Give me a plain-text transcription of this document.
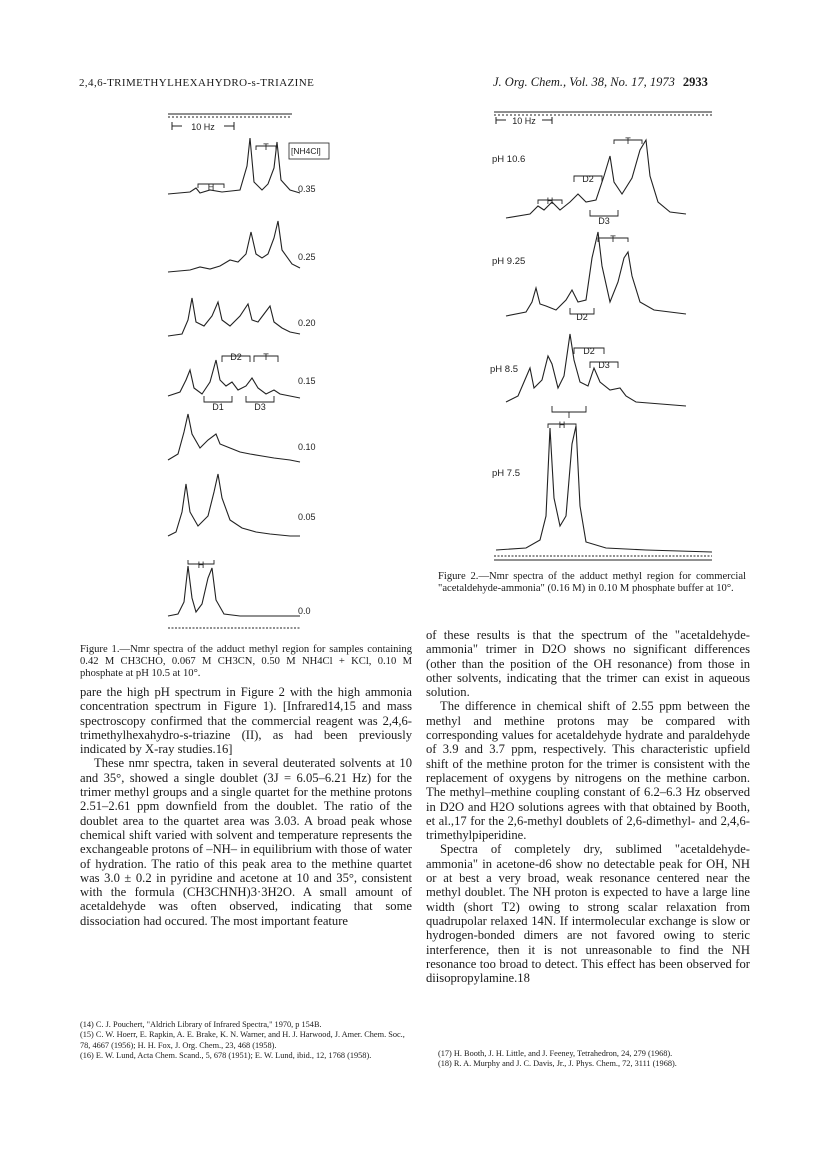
2,4,6-TRIMETHYLHEXAHYDRO-s-TRIAZINE	J. Org. Chem., Vol. 38, No. 17, 1973 2933
10 Hz
[NH4Cl]
H
T
D2 T
D1	D3
H
0.35
0.25
0.20
0.15
0.10
0.05
0.0
Figure 1.—Nmr spectra of the adduct methyl region for samples containing 0.42 M CH3CHO, 0.067 M CH3CN, 0.50 M NH4Cl + KCl, 0.10 M phosphate at pH 10.5 at 10°.
10 Hz
T
D2
H
D3
T
D2
D2
D3
T
H
pH 10.6
pH 9.25
pH 8.5
pH 7.5
Figure 2.—Nmr spectra of the adduct methyl region for commercial "acetaldehyde-ammonia" (0.16 M) in 0.10 M phosphate buffer at 10°.

pare the high pH spectrum in Figure 2 with the high ammonia concentration spectrum in Figure 1). [Infrared14,15 and mass spectroscopy confirmed that the commercial reagent was 2,4,6-trimethylhexahydro-s-triazine (II), as had been previously indicated by X-ray studies.16]

These nmr spectra, taken in several deuterated solvents at 10 and 35°, showed a single doublet (3J = 6.05–6.21 Hz) for the trimer methyl groups and a single quartet for the methine protons 2.51–2.61 ppm downfield from the doublet. The ratio of the doublet area to the quartet area was 3.03. A broad peak whose chemical shift varied with solvent and temperature represents the exchangeable protons of –NH– in equilibrium with those of water of hydration. The ratio of this peak area to the methine quartet was 3.0 ± 0.2 in pyridine and acetone at 10 and 35°, consistent with the formula (CH3CHNH)3·3H2O. A small amount of acetaldehyde was often observed, indicating that some dissociation had occured. The most important feature

of these results is that the spectrum of the "acetaldehyde-ammonia" trimer in D2O shows no significant differences (other than the position of the OH resonance) from those in other solvents, indicating that the trimer can exist in aqueous solution.

The difference in chemical shift of 2.55 ppm between the methyl and methine protons may be compared with corresponding values for acetaldehyde hydrate and paraldehyde of 3.9 and 3.7 ppm, respectively. This characteristic upfield shift of the methine proton for the trimer is consistent with the replacement of oxygens by nitrogens on the methine carbon. The methyl–methine coupling constant of 6.2–6.3 Hz observed in D2O and H2O solutions agrees with that obtained by Booth, et al.,17 for the 2,6-methyl doublets of 2,6-dimethyl- and 2,4,6-trimethylpiperidine.

Spectra of completely dry, sublimed "acetaldehyde-ammonia" in acetone-d6 show no detectable peak for OH, NH or at best a very broad, weak resonance centered near the methyl doublet. The NH proton is expected to have a large line width (short T2) owing to strong scalar relaxation from quadrupolar relaxed 14N. If intermolecular exchange is slow or hydrogen-bonded dimers are not favored owing to steric interference, then it is not unreasonable to find the NH resonance too broad to detect. This effect has been observed for diisopropylamine.18

(14) C. J. Pouchert, "Aldrich Library of Infrared Spectra," 1970, p 154B.
(15) C. W. Hoerr, E. Rapkin, A. E. Brake, K. N. Warner, and H. J. Harwood, J. Amer. Chem. Soc., 78, 4667 (1956); H. H. Fox, J. Org. Chem., 23, 468 (1958).
(16) E. W. Lund, Acta Chem. Scand., 5, 678 (1951); E. W. Lund, ibid., 12, 1768 (1958).	(17) H. Booth, J. H. Little, and J. Feeney, Tetrahedron, 24, 279 (1968).
(18) R. A. Murphy and J. C. Davis, Jr., J. Phys. Chem., 72, 3111 (1968).
